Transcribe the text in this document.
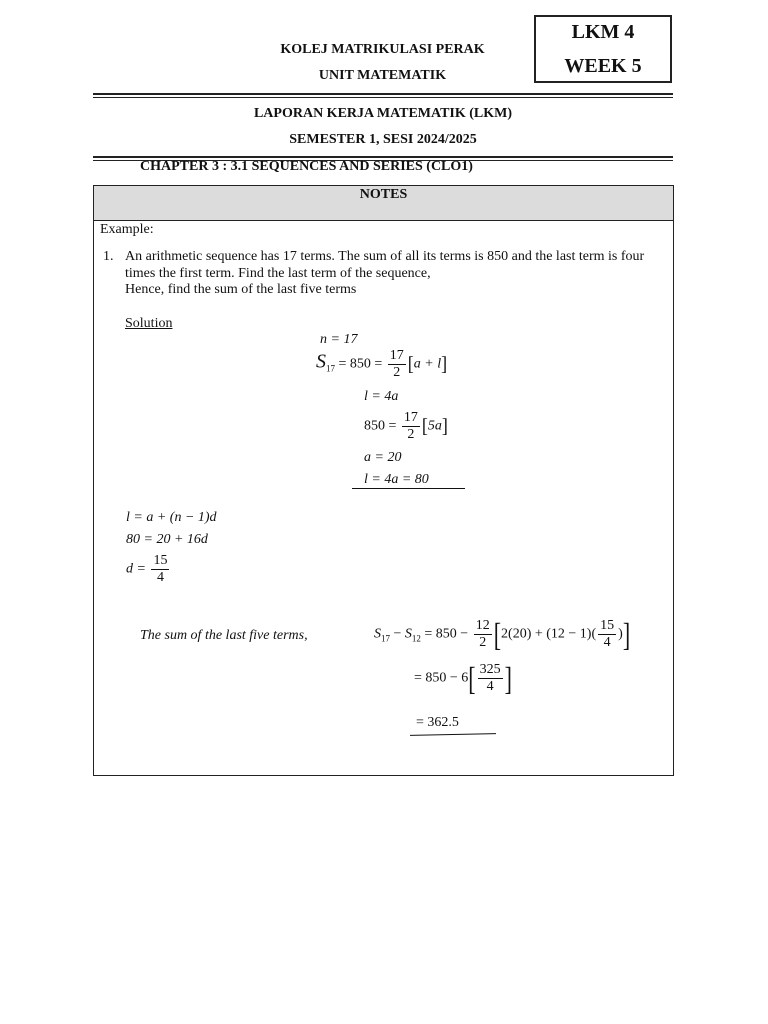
KOLEJ MATRIKULASI PERAK
UNIT MATEMATIK
LKM 4
WEEK 5
LAPORAN KERJA MATEMATIK (LKM)
SEMESTER 1, SESI 2024/2025
CHAPTER 3 : 3.1 SEQUENCES AND SERIES (CLO1)
NOTES
Example:
1. An arithmetic sequence has 17 terms. The sum of all its terms is 850 and the last term is four times the first term. Find the last term of the sequence,
Hence, find the sum of the last five terms
Solution
n = 17
$S_{17} = 850 = \frac{17}{2} [a + l]$
l = 4a
$850 = \frac{17}{2} [5a]$
a = 20
l = 4a = 80
l = a + (n − 1)d
80 = 20 + 16d
$d = \frac{15}{4}$
The sum of the last five terms,	$S_{17} - S_{12} = 850 - \frac{12}{2} [2(20) + (12 - 1)( \frac{15}{4}$ )]
= $850 - 6[ \frac{325}{4}$ ]
= 362.5
